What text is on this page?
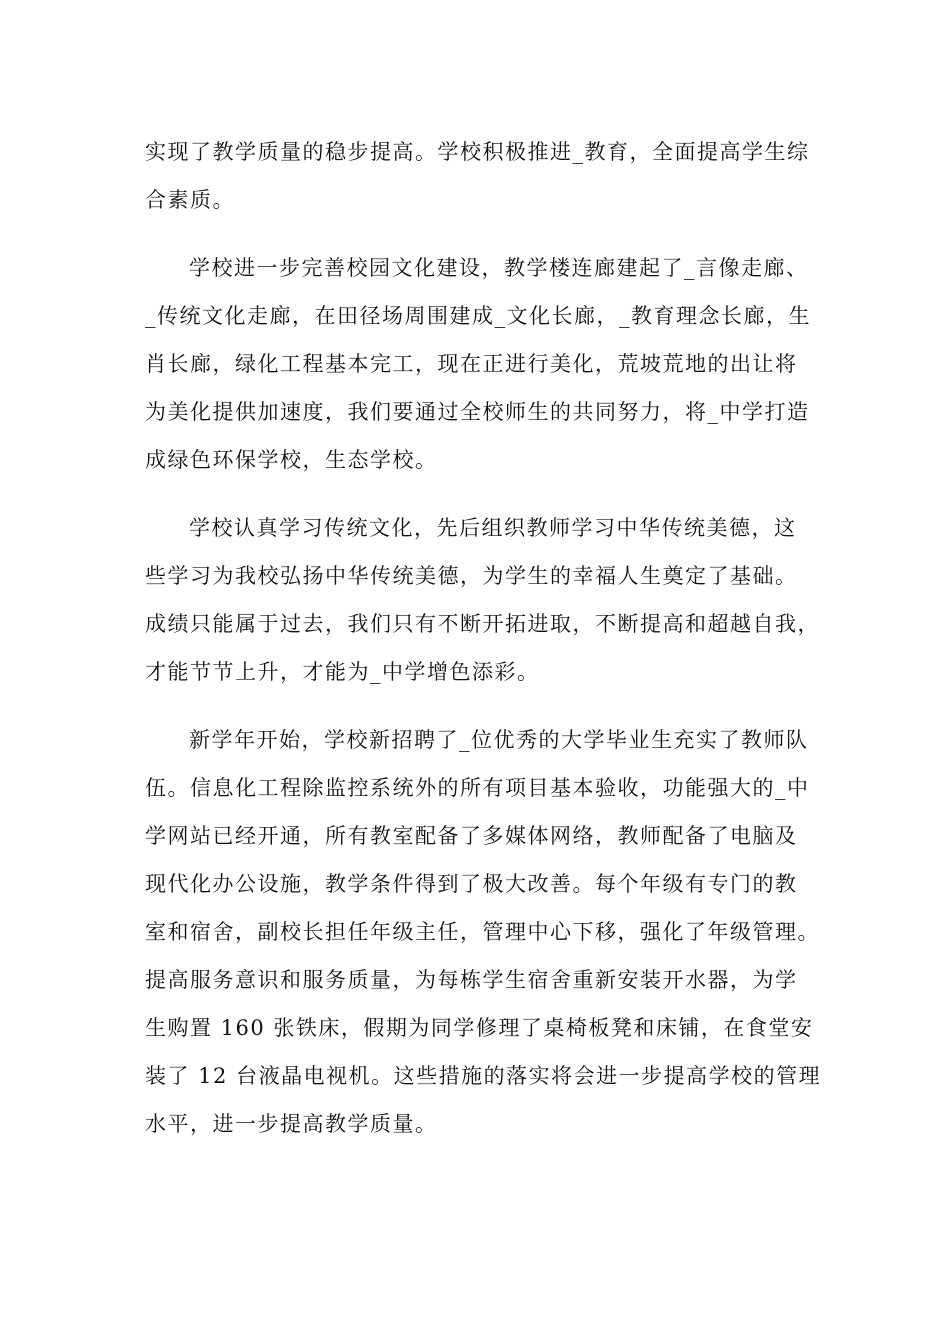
实现了教学质量的稳步提高。学校积极推进_教育，全面提高学生综
合素质。

学校进一步完善校园文化建设，教学楼连廊建起了_言像走廊、
_传统文化走廊，在田径场周围建成_文化长廊，_教育理念长廊，生
肖长廊，绿化工程基本完工，现在正进行美化，荒坡荒地的出让将
为美化提供加速度，我们要通过全校师生的共同努力，将_中学打造
成绿色环保学校，生态学校。

学校认真学习传统文化，先后组织教师学习中华传统美德，这
些学习为我校弘扬中华传统美德，为学生的幸福人生奠定了基础。
成绩只能属于过去，我们只有不断开拓进取，不断提高和超越自我，
才能节节上升，才能为_中学增色添彩。

新学年开始，学校新招聘了_位优秀的大学毕业生充实了教师队
伍。信息化工程除监控系统外的所有项目基本验收，功能强大的_中
学网站已经开通，所有教室配备了多媒体网络，教师配备了电脑及
现代化办公设施，教学条件得到了极大改善。每个年级有专门的教
室和宿舍，副校长担任年级主任，管理中心下移，强化了年级管理。
提高服务意识和服务质量，为每栋学生宿舍重新安装开水器，为学
生购置 160 张铁床，假期为同学修理了桌椅板凳和床铺，在食堂安
装了 12 台液晶电视机。这些措施的落实将会进一步提高学校的管理
水平，进一步提高教学质量。
